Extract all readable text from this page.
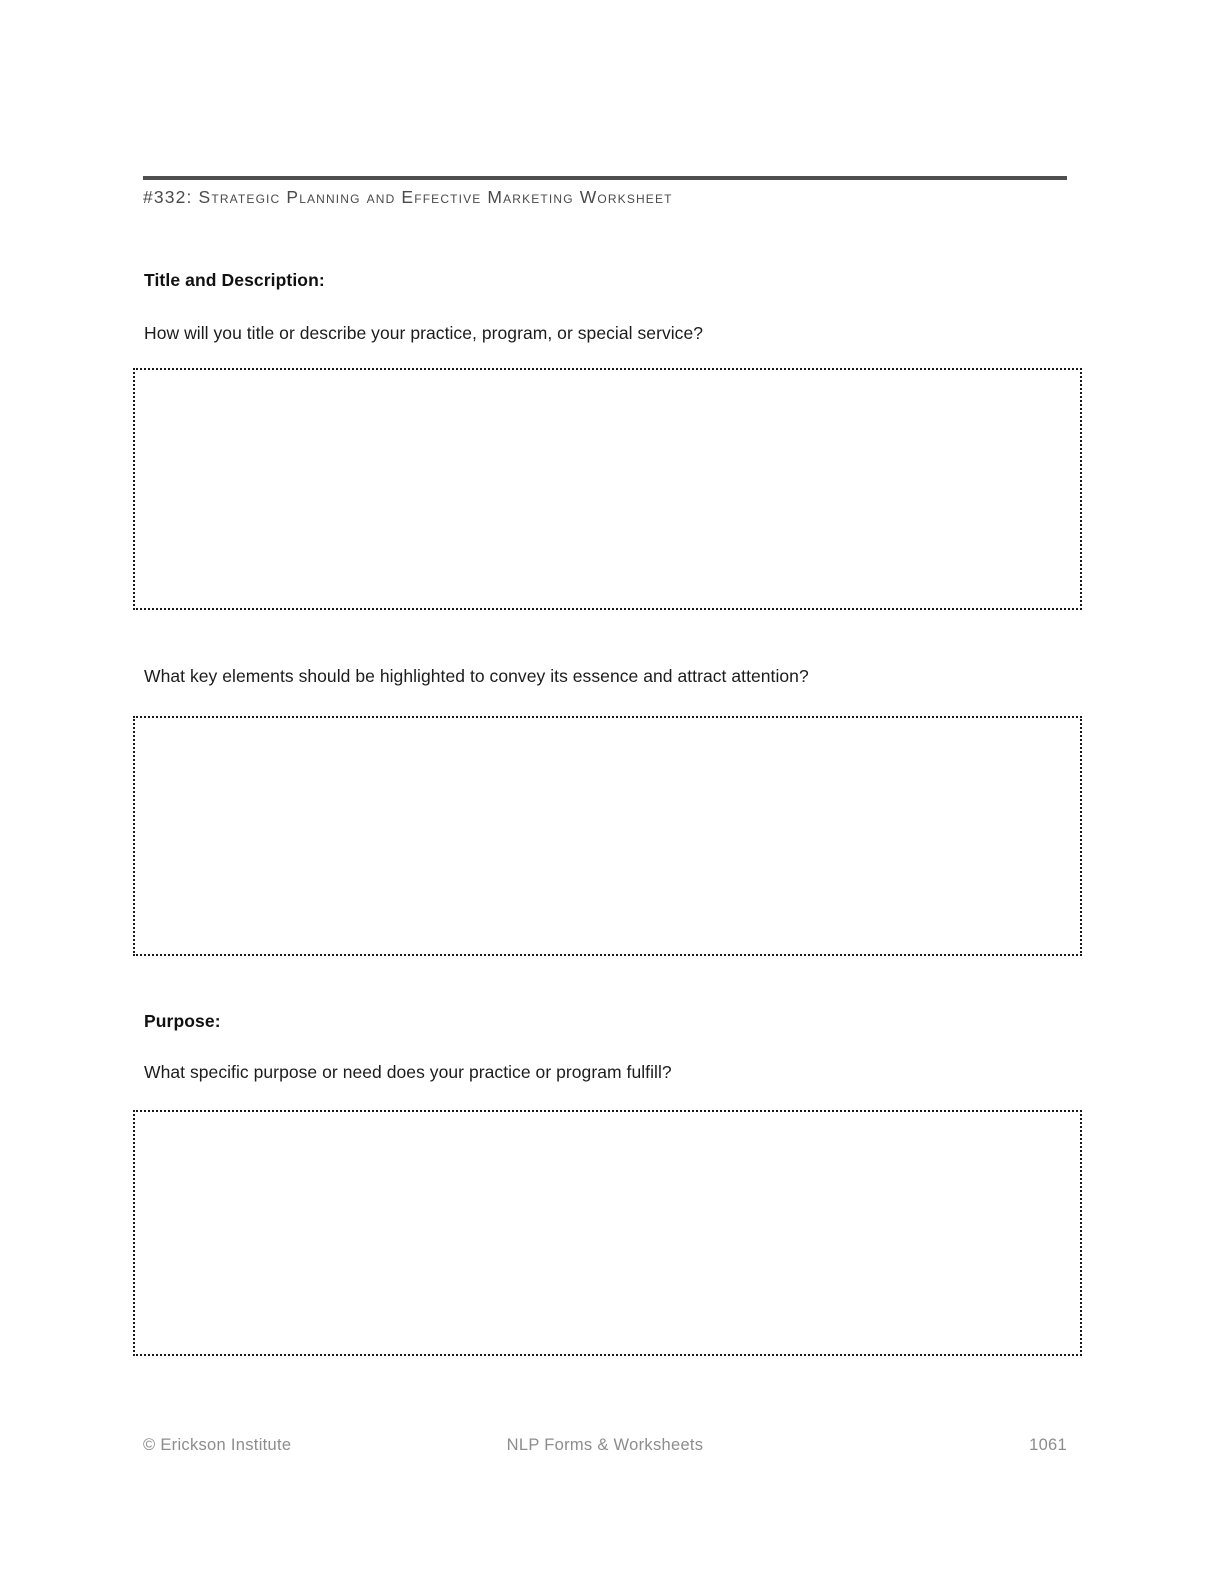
#332: Strategic Planning and Effective Marketing Worksheet
Title and Description:
How will you title or describe your practice, program, or special service?
What key elements should be highlighted to convey its essence and attract attention?
Purpose:
What specific purpose or need does your practice or program fulfill?
© Erickson Institute	NLP Forms & Worksheets	1061
